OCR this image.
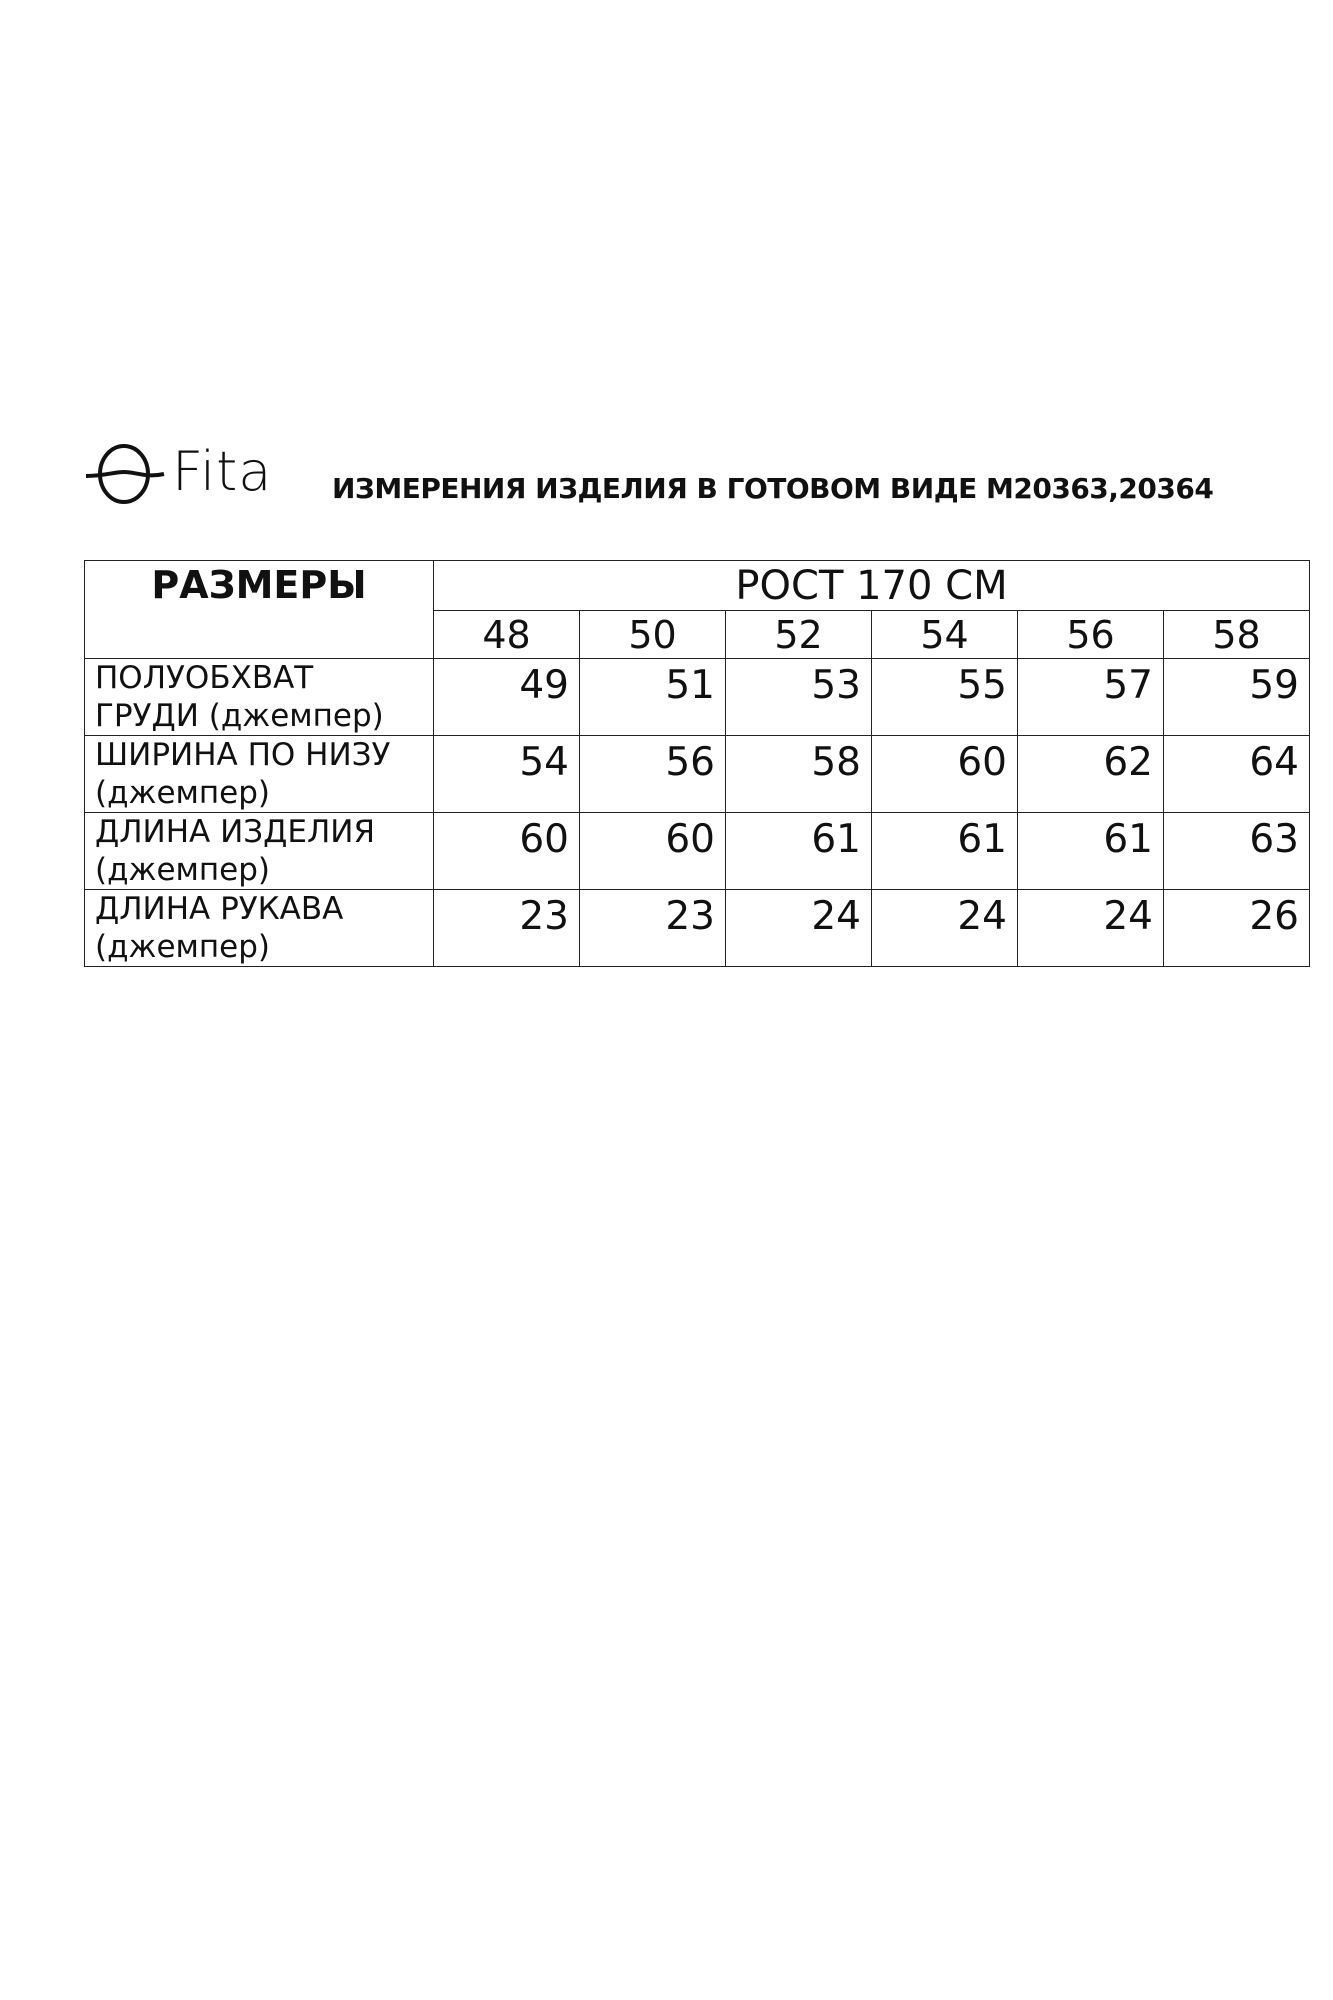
Fita ИЗМЕРЕНИЯ ИЗДЕЛИЯ В ГОТОВОМ ВИДЕ М20363,20364
РАЗМЕРЫ	РОСТ 170 СМ					
	48	50	52	54	56	58

ПОЛУОБХВАТ
ГРУДИ (джемпер)	49	51	53	55	57	59

ШИРИНА ПО НИЗУ
(джемпер)	54	56	58	60	62	64

ДЛИНА ИЗДЕЛИЯ
(джемпер)	60	60	61	61	61	63

ДЛИНА РУКАВА
(джемпер)	23	23	24	24	24	26
